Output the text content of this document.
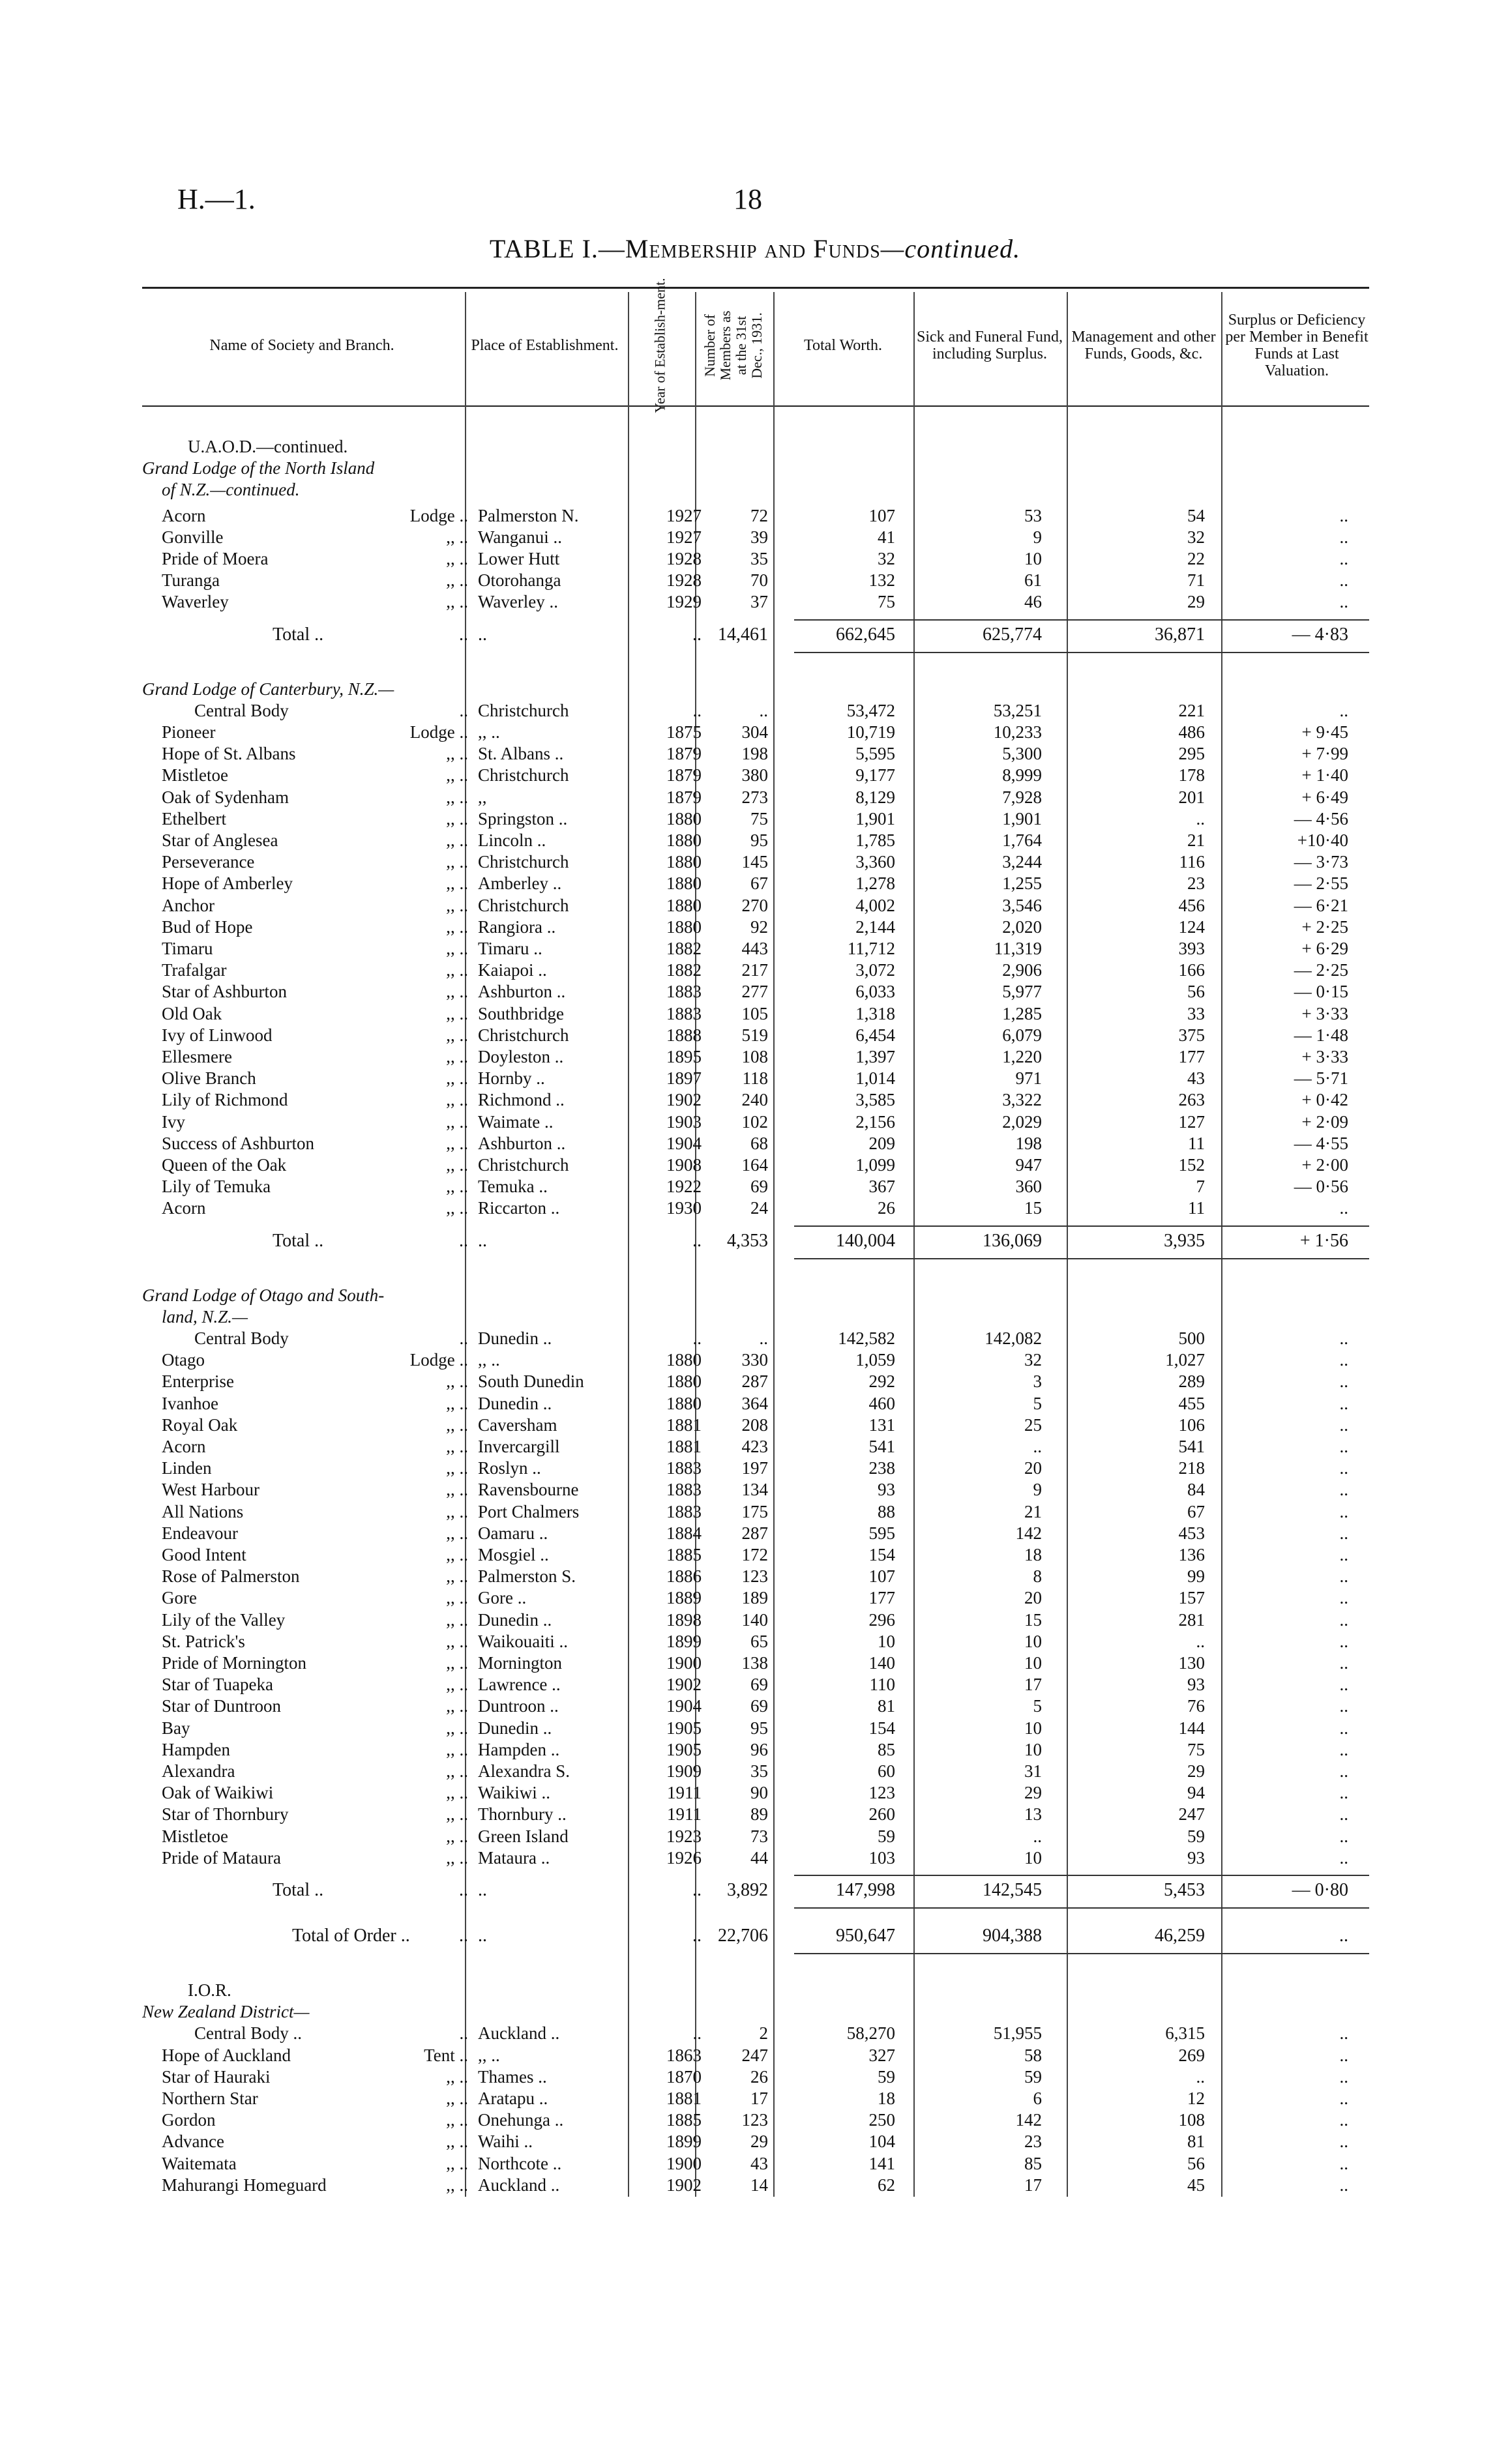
H.—1.	18
TABLE I.—Membership and Funds—continued.
Name of Society and Branch.	Place of Establishment.	Year of Establish-ment. Number of Members as at the 31st Dec., 1931.	Total Worth.	Sick and Funeral Fund, including Surplus.
Management and other Funds, Goods, &c.
Surplus or Deficiency per Member in Benefit Funds at Last Valuation.
U.A.O.D.—continued.
Grand Lodge of the North Island
of N.Z.—continued.
Acorn	Lodge .. Palmerston N.	1927	72	107	53	54	..
Gonville	,, .. Wanganui ..	1927	39	41	9	32	..
Pride of Moera	,, .. Lower Hutt	1928	35	32	10	22	..
Turanga	,, .. Otorohanga	1928	70	132	61	71	..
Waverley	,, .. Waverley ..	1929	37	75	46	29	..
Total ..	.. ..	.. 14,461	662,645	625,774	36,871	— 4·83
Grand Lodge of Canterbury, N.Z.—
Central Body	.. Christchurch	..	..	53,472	53,251	221	..
Pioneer	Lodge .. ,, ..	1875	304	10,719	10,233	486	+ 9·45
Hope of St. Albans	,, .. St. Albans ..	1879	198	5,595	5,300	295	+ 7·99
Mistletoe	,, .. Christchurch	1879	380	9,177	8,999	178	+ 1·40
Oak of Sydenham	,, .. ,,	1879	273	8,129	7,928	201	+ 6·49
Ethelbert	,, .. Springston ..	1880	75	1,901	1,901	..	— 4·56
Star of Anglesea	,, .. Lincoln ..	1880	95	1,785	1,764	21	+10·40
Perseverance	,, .. Christchurch	1880	145	3,360	3,244	116	— 3·73
Hope of Amberley	,, .. Amberley ..	1880	67	1,278	1,255	23	— 2·55
Anchor	,, .. Christchurch	1880	270	4,002	3,546	456	— 6·21
Bud of Hope	,, .. Rangiora ..	1880	92	2,144	2,020	124	+ 2·25
Timaru	,, .. Timaru ..	1882	443	11,712	11,319	393	+ 6·29
Trafalgar	,, .. Kaiapoi ..	1882	217	3,072	2,906	166	— 2·25
Star of Ashburton	,, .. Ashburton ..	1883	277	6,033	5,977	56	— 0·15
Old Oak	,, .. Southbridge	1883	105	1,318	1,285	33	+ 3·33
Ivy of Linwood	,, .. Christchurch	1888	519	6,454	6,079	375	— 1·48
Ellesmere	,, .. Doyleston ..	1895	108	1,397	1,220	177	+ 3·33
Olive Branch	,, .. Hornby ..	1897	118	1,014	971	43	— 5·71
Lily of Richmond	,, .. Richmond ..	1902	240	3,585	3,322	263	+ 0·42
Ivy	,, .. Waimate ..	1903	102	2,156	2,029	127	+ 2·09
Success of Ashburton	,, .. Ashburton ..	1904	68	209	198	11	— 4·55
Queen of the Oak	,, .. Christchurch	1908	164	1,099	947	152	+ 2·00
Lily of Temuka	,, .. Temuka ..	1922	69	367	360	7	— 0·56
Acorn	,, .. Riccarton ..	1930	24	26	15	11	..
Total ..	.. ..	..	4,353	140,004	136,069	3,935	+ 1·56
Grand Lodge of Otago and South-
land, N.Z.—
Central Body	.. Dunedin ..	..	..	142,582	142,082	500	..
Otago	Lodge .. ,, ..	1880	330	1,059	32	1,027	..
Enterprise	,, .. South Dunedin	1880	287	292	3	289	..
Ivanhoe	,, .. Dunedin ..	1880	364	460	5	455	..
Royal Oak	,, .. Caversham	1881	208	131	25	106	..
Acorn	,, .. Invercargill	1881	423	541	..	541	..
Linden	,, .. Roslyn ..	1883	197	238	20	218	..
West Harbour	,, .. Ravensbourne	1883	134	93	9	84	..
All Nations	,, .. Port Chalmers	1883	175	88	21	67	..
Endeavour	,, .. Oamaru ..	1884	287	595	142	453	..
Good Intent	,, .. Mosgiel ..	1885	172	154	18	136	..
Rose of Palmerston	,, .. Palmerston S.	1886	123	107	8	99	..
Gore	,, .. Gore ..	1889	189	177	20	157	..
Lily of the Valley	,, .. Dunedin ..	1898	140	296	15	281	..
St. Patrick's	,, .. Waikouaiti ..	1899	65	10	10	..	..
Pride of Mornington	,, .. Mornington	1900	138	140	10	130	..
Star of Tuapeka	,, .. Lawrence ..	1902	69	110	17	93	..
Star of Duntroon	,, .. Duntroon ..	1904	69	81	5	76	..
Bay	,, .. Dunedin ..	1905	95	154	10	144	..
Hampden	,, .. Hampden ..	1905	96	85	10	75	..
Alexandra	,, .. Alexandra S.	1909	35	60	31	29	..
Oak of Waikiwi	,, .. Waikiwi ..	1911	90	123	29	94	..
Star of Thornbury	,, .. Thornbury ..	1911	89	260	13	247	..
Mistletoe	,, .. Green Island	1923	73	59	..	59	..
Pride of Mataura	,, .. Mataura ..	1926	44	103	10	93	..
Total ..	.. ..	..	3,892	147,998	142,545	5,453	— 0·80
Total of Order ..	.. ..	.. 22,706	950,647	904,388	46,259	..
I.O.R.
New Zealand District—
Central Body ..	.. Auckland ..	..	2	58,270	51,955	6,315	..
Hope of Auckland	Tent .. ,, ..	1863	247	327	58	269	..
Star of Hauraki	,, .. Thames ..	1870	26	59	59	..	..
Northern Star	,, .. Aratapu ..	1881	17	18	6	12	..
Gordon	,, .. Onehunga ..	1885	123	250	142	108	..
Advance	,, .. Waihi ..	1899	29	104	23	81	..
Waitemata	,, .. Northcote ..	1900	43	141	85	56	..
Mahurangi Homeguard	,, .. Auckland ..	1902	14	62	17	45	..
